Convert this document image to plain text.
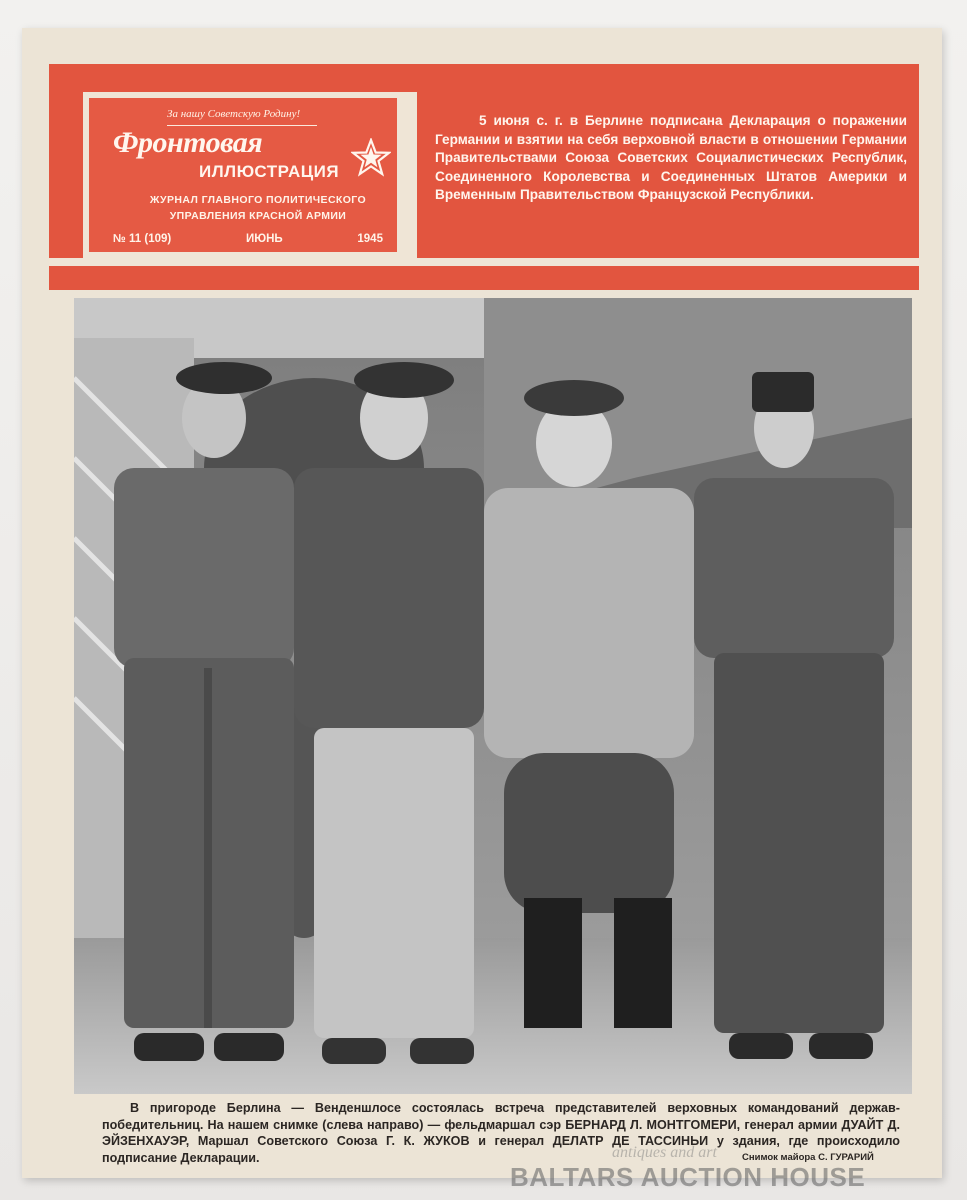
За нашу Советскую Родину!
Фронтовая
ИЛЛЮСТРАЦИЯ
ЖУРНАЛ ГЛАВНОГО ПОЛИТИЧЕСКОГО УПРАВЛЕНИЯ КРАСНОЙ АРМИИ
№ 11 (109)	ИЮНЬ	1945
5 июня с. г. в Берлине подписана Декларация о поражении Германии и взятии на себя верховной власти в отношении Германии Правительствами Союза Советских Социалистических Республик, Соединенного Королевства и Соединенных Штатов Америки и Временным Правительством Французской Республики.
В пригороде Берлина — Венденшлосе состоялась встреча представителей верховных командований держав-победительниц. На нашем снимке (слева направо) — фельдмаршал сэр БЕРНАРД Л. МОНТГОМЕРИ, генерал армии ДУАЙТ Д. ЭЙЗЕНХАУЭР, Маршал Советского Союза Г. К. ЖУКОВ и генерал ДЕЛАТР ДЕ ТАССИНЬИ у здания, где происходило подписание Декларации.	Снимок майора С. ГУРАРИЙ
antiques and art
BALTARS AUCTION HOUSE
